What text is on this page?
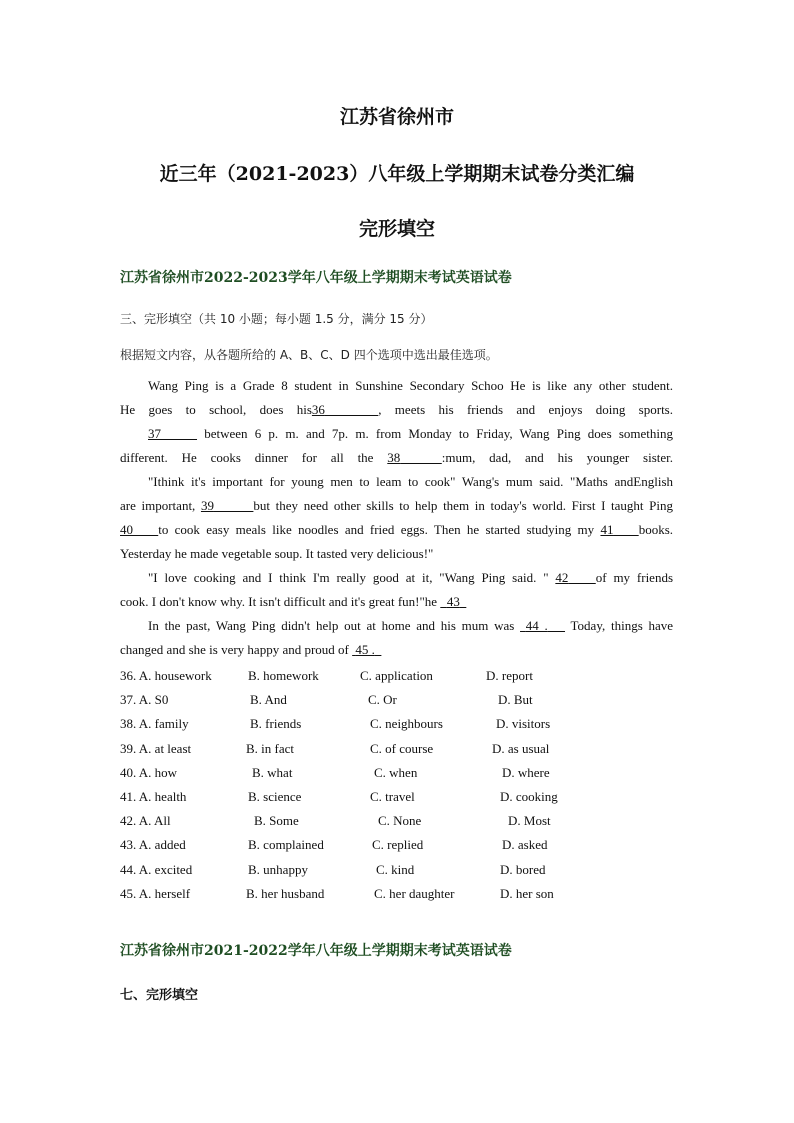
江苏省徐州市
近三年（2021-2023）八年级上学期期末试卷分类汇编
完形填空
江苏省徐州市2022-2023学年八年级上学期期末考试英语试卷
三、完形填空（共 10 小题；每小题 1.5 分，满分 15 分）
根据短文内容，从各题所给的 A、B、C、D 四个选项中选出最佳选项。
Wang Ping is a Grade 8 student in Sunshine Secondary Schoo He is like any other student.
He goes to school, does his36	, meets his friends and enjoys doing sports.
37	between 6 p. m. and 7p. m. from Monday to Friday, Wang Ping does something
different. He cooks dinner for all the 38	:mum, dad, and his younger sister.
"Ithink it's important for young men to leam to cook" Wang's mum said. "Maths andEnglish
are important, 39	but they need other skills to help them in today's world. First I taught Ping
40 to cook easy meals like noodles and fried eggs. Then he started studying my 41 books.
Yesterday he made vegetable soup. It tasted very delicious!"
"I love cooking and I think I'm really good at it, "Wang Ping said. " 42 of my friends
cook. I don't know why. It isn't difficult and it's great fun!"he   43
In the past, Wang Ping didn't help out at home and his mum was  44 .    Today, things have
changed and she is very happy and proud of  45 .
36. A. housework	B. homework	C. application	D. report
37. A. S0	B. And	C. Or	D. But
38. A. family	B. friends	C. neighbours	D. visitors
39. A. at least	B. in fact	C. of course	D. as usual
40. A. how	B. what	C. when	D. where
41. A. health	B. science	C. travel	D. cooking
42. A. All	B. Some	C. None	D. Most
43. A. added	B. complained	C. replied	D. asked
44. A. excited	B. unhappy	C. kind	D. bored
45. A. herself	B. her husband	C. her daughter	D. her son
江苏省徐州市2021-2022学年八年级上学期期末考试英语试卷
七、完形填空
